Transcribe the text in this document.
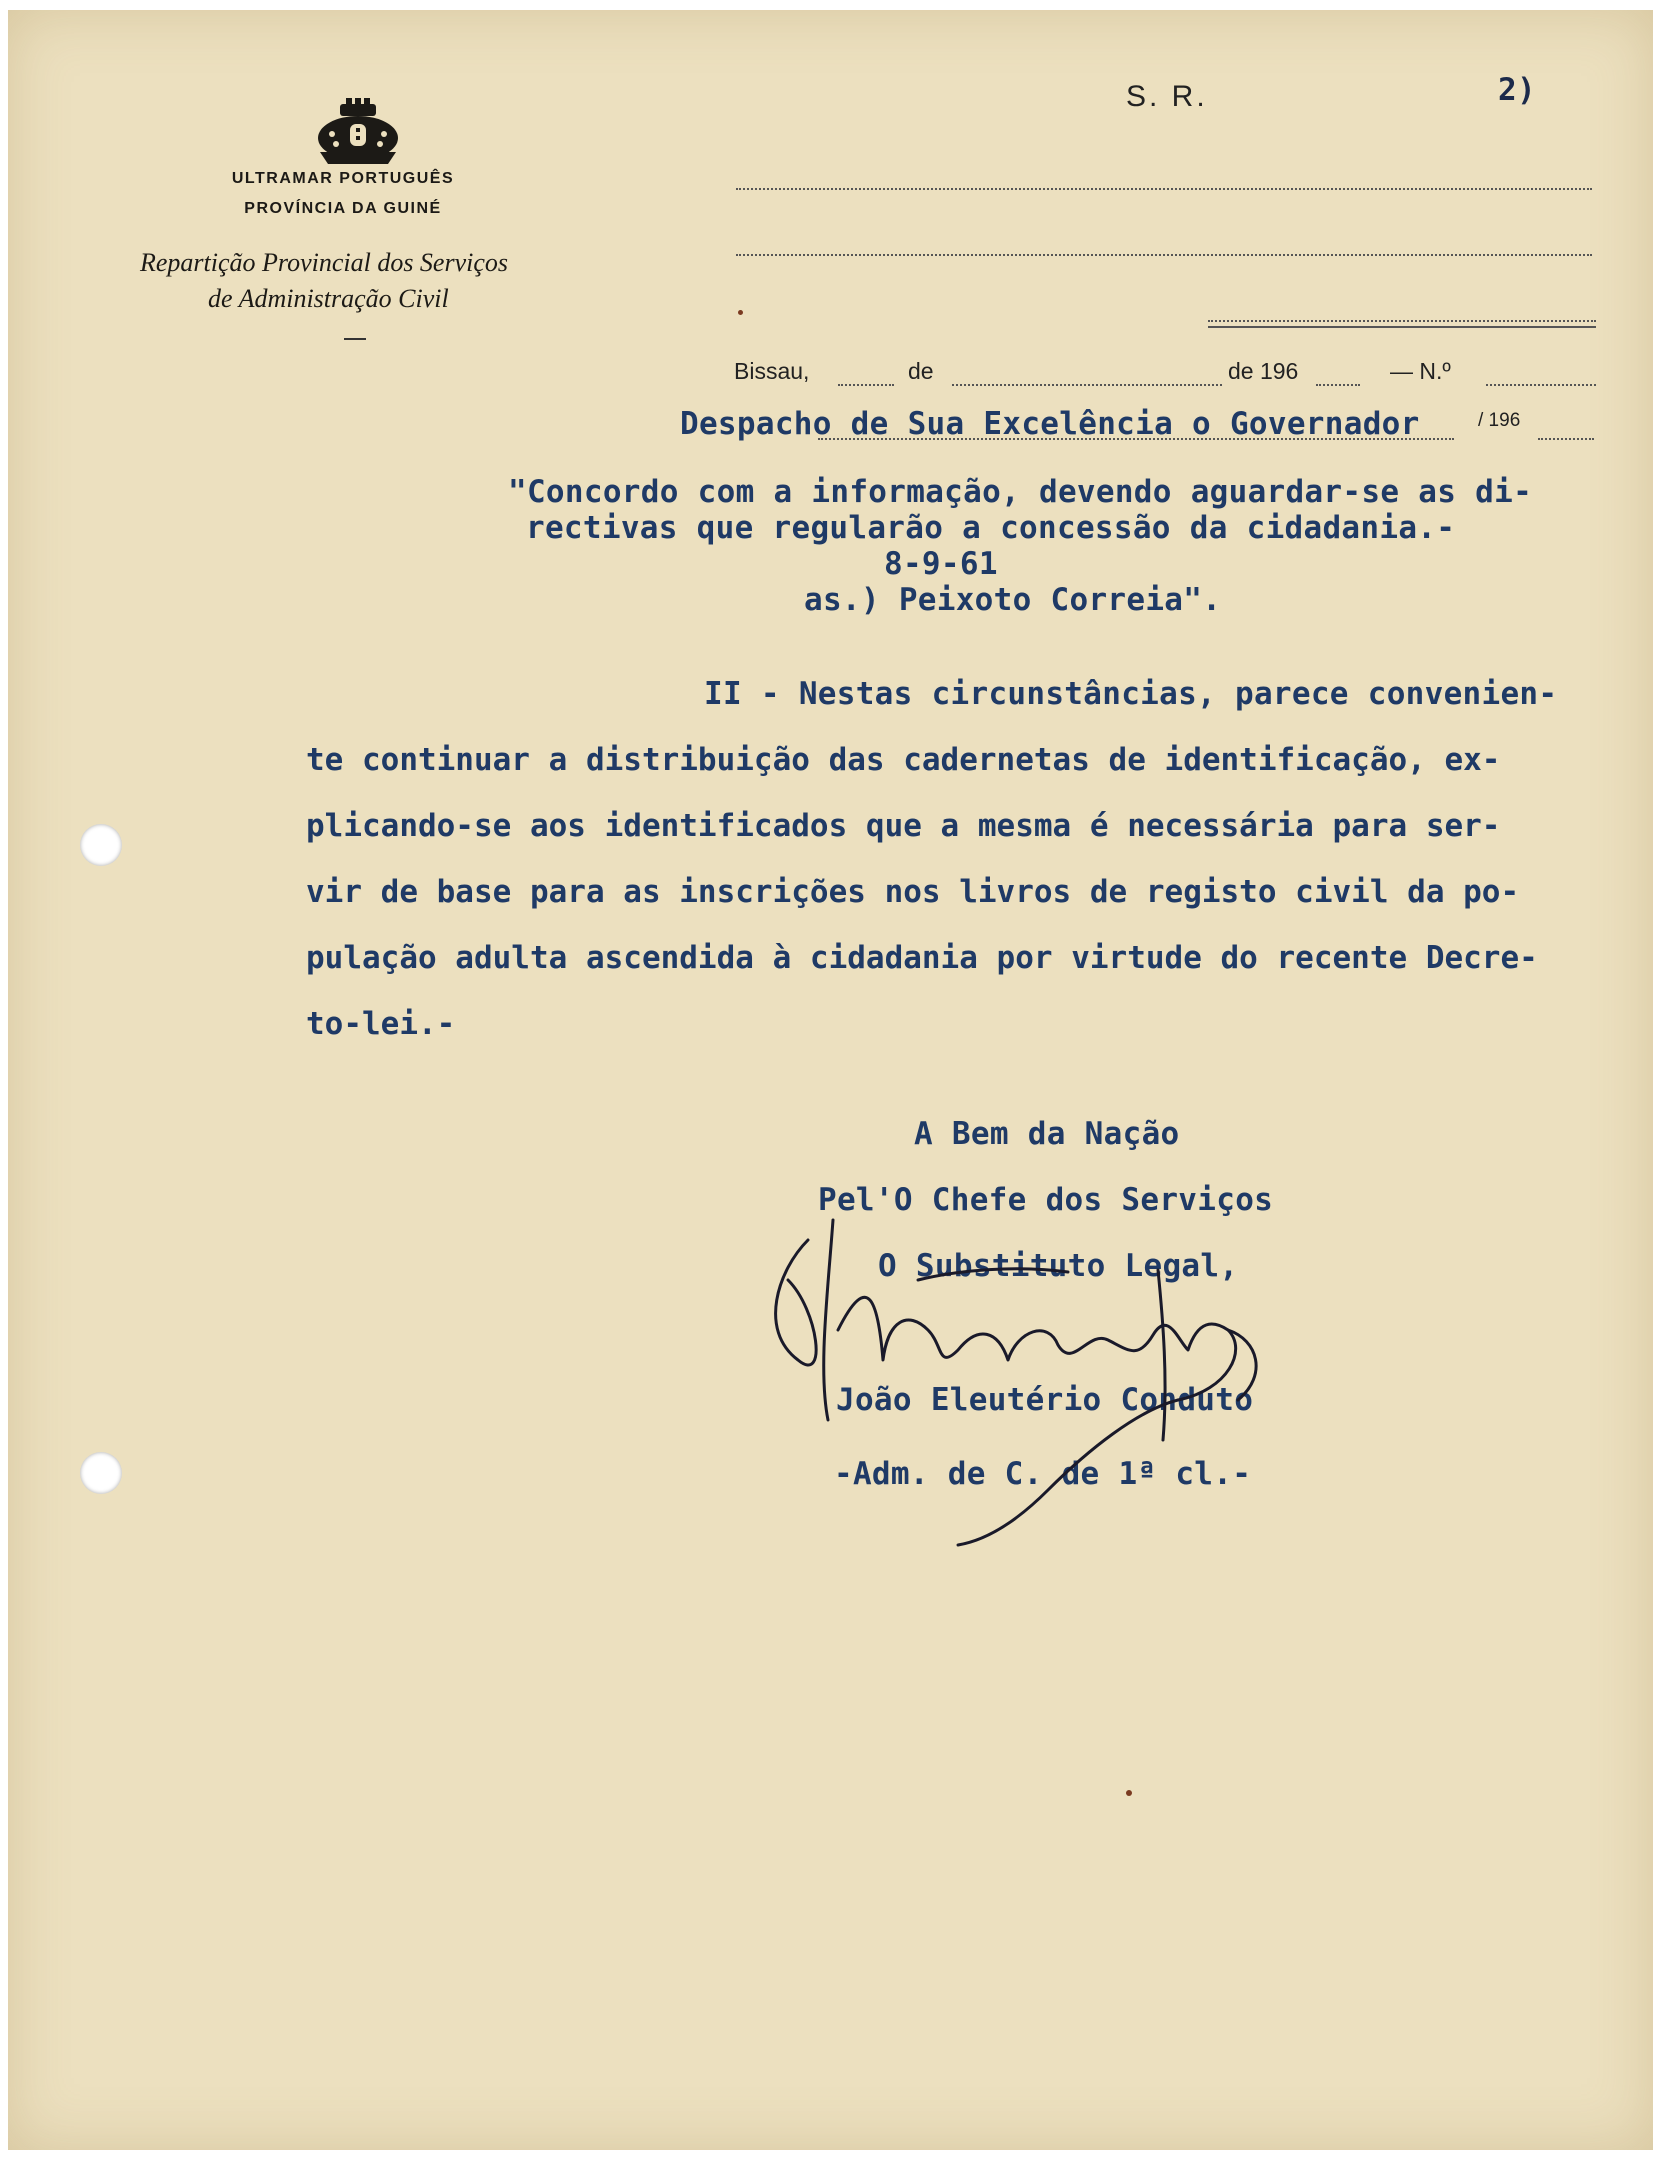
ULTRAMAR PORTUGUÊS
PROVÍNCIA DA GUINÉ
Repartição Provincial dos Serviços
de Administração Civil
S. R.	2)
Bissau,	de	de 196	— N.º
Despacho de Sua Excelência o Governador	/ 196
"Concordo com a informação, devendo aguardar-se as di-
rectivas que regularão a concessão da cidadania.-
8-9-61
as.) Peixoto Correia".
II - Nestas circunstâncias, parece convenien-
te continuar a distribuição das cadernetas de identificação, ex-
plicando-se aos identificados que a mesma é necessária para ser-
vir de base para as inscrições nos livros de registo civil da po-
pulação adulta ascendida à cidadania por virtude do recente Decre-
to-lei.-
A Bem da Nação
Pel'O Chefe dos Serviços
O Substituto Legal,
João Eleutério Conduto
-Adm. de C. de 1ª cl.-
